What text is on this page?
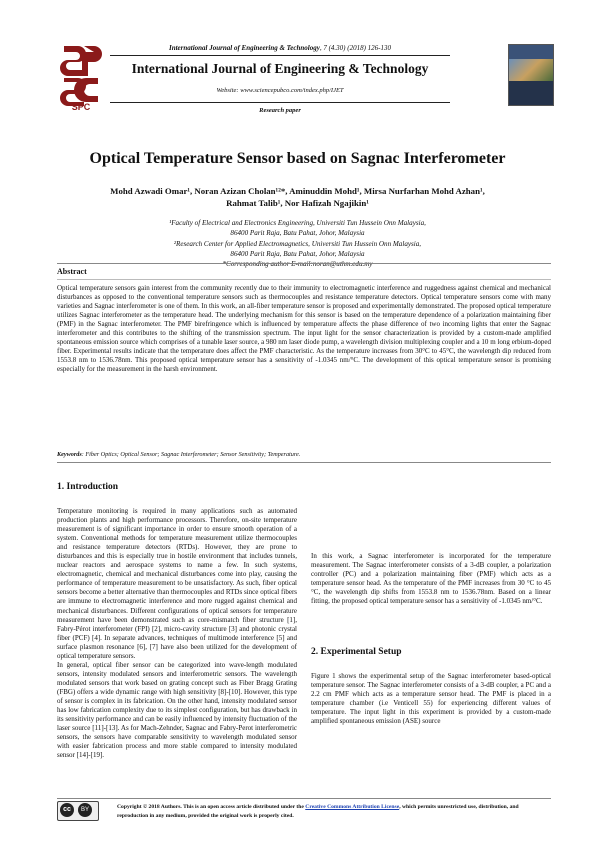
International Journal of Engineering & Technology, 7 (4.30) (2018) 126-130
International Journal of Engineering & Technology
Website: www.sciencepubco.com/index.php/IJET
Research paper
SPC
Optical Temperature Sensor based on Sagnac Interferometer
Mohd Azwadi Omar¹, Noran Azizan Cholan¹²*, Aminuddin Mohd¹, Mirsa Nurfarhan Mohd Azhan¹,
Rahmat Talib¹, Nor Hafizah Ngajikin¹
¹Faculty of Electrical and Electronics Engineering, Universiti Tun Hussein Onn Malaysia,
86400 Parit Raja, Batu Pahat, Johor, Malaysia
²Research Center for Applied Electromagnetics, Universiti Tun Hussein Onn Malaysia,
86400 Parit Raja, Batu Pahat, Johor, Malaysia
*Corresponding author E-mail:noran@uthm.edu.my
Abstract
Optical temperature sensors gain interest from the community recently due to their immunity to electromagnetic interference and ruggedness against chemical and mechanical disturbances as opposed to the conventional temperature sensors such as thermocouples and resistance temperature detectors. Optical temperature sensors come with many varieties and Sagnac interferometer is one of them. In this work, an all-fiber temperature sensor is proposed and experimentally demonstrated. The proposed optical temperature utilizes Sagnac interferometer as the temperature head. The underlying mechanism for this sensor is based on the temperature dependence of a polarization maintaining fiber (PMF) in the Sagnac interferometer. The PMF birefringence which is influenced by temperature affects the phase difference of two incoming lights that enter the Sagnac interferometer and this contributes to the shifting of the transmission spectrum. The input light for the sensor characterization is provided by a custom-made amplified spontaneous emission source which comprises of a tunable laser source, a 980 nm laser diode pump, a wavelength division multiplexing coupler and a 10 m long erbium-doped fiber. Experimental results indicate that the temperature does affect the PMF characteristic. As the temperature increases from 30°C to 45°C, the wavelength dip reduced from 1553.8 nm to 1536.78nm. This proposed optical temperature sensor has a sensitivity of -1.0345 nm/°C. The development of this optical temperature sensor is promising especially for the measurement in the harsh environment.
Keywords: Fiber Optics; Optical Sensor; Sagnac Interferometer; Sensor Sensitivity; Temperature.
1. Introduction

Temperature monitoring is required in many applications such as automated production plants and high performance processors. Therefore, on-site temperature measurement is of significant importance in order to ensure smooth operation of a system. Conventional methods for temperature measurement utilize thermocouples and resistance temperature detectors (RTDs). However, they are prone to disturbances and this is especially true in hostile environment that includes tunnels, nuclear reactors and aerospace systems to name a few. In such systems, electromagnetic, chemical and mechanical disturbances come into play, causing the performance of temperature measurement to be unsatisfactory. As such, fiber optical sensors become a better alternative than thermocouples and RTDs since optical fibers are immune to electromagnetic interference and more rugged against chemical and mechanical disturbances. Different configurations of optical sensors for temperature measurement have been demonstrated such as core-mismatch fiber structure [1], Fabry-Pérot interferometer (FPI) [2], micro-cavity structure [3] and photonic crystal fiber (PCF) [4]. In separate advances, techniques of multimode interference [5] and surface plasmon resonance [6], [7] have also been utilized for the development of optical temperature sensors.

In general, optical fiber sensor can be categorized into wave-length modulated sensors, intensity modulated sensors and interferometric sensors. The wavelength modulated sensors that work based on grating concept such as Fiber Bragg Grating (FBG) offers a wide dynamic range with high sensitivity [8]-[10]. However, this type of sensor is complex in its fabrication. On the other hand, intensity modulated sensor has low fabrication complexity due to its simplest configuration, but has drawback in its sensitivity performance and can be easily influenced by intensity fluctuation of the laser source [11]-[13]. As for Mach-Zehnder, Sagnac and Fabry-Perot interferometric sensors, the sensors have comparable sensitivity to wavelength modulated sensor with easier fabrication process and more stable compared to intensity modulated sensor [14]-[19].

In this work, a Sagnac interferometer is incorporated for the temperature measurement. The Sagnac interferometer consists of a 3-dB coupler, a polarization controller (PC) and a polarization maintaining fiber (PMF) which acts as a temperature sensor head. As the temperature of the PMF increases from 30 °C to 45 °C, the wavelength dip shifts from 1553.8 nm to 1536.78nm. Based on a linear fitting, the proposed optical temperature sensor has a sensitivity of -1.0345 nm/°C.
2. Experimental Setup
Figure 1 shows the experimental setup of the Sagnac interferometer based-optical temperature sensor. The Sagnac interferometer consists of a 3-dB coupler, a PC and a 2.2 cm PMF which acts as a temperature sensor head. The PMF is placed in a temperature chamber (i.e Venticell 55) for experiencing different values of temperature. The input light in this experiment is provided by a custom-made amplified spontaneous emission (ASE) source
cc	BY	Copyright © 2018 Authors. This is an open access article distributed under the Creative Commons Attribution License, which permits unrestricted use, distribution, and reproduction in any medium, provided the original work is properly cited.
